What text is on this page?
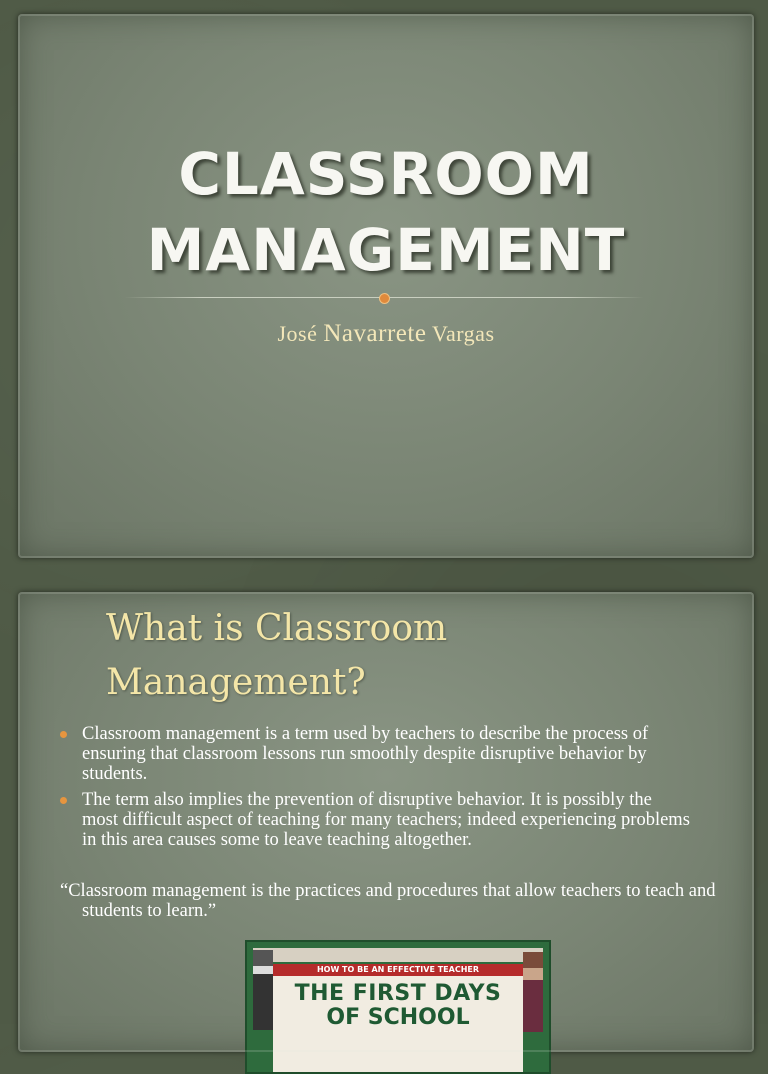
CLASSROOM
MANAGEMENT
José Navarrete Vargas
What is Classroom
Management?
Classroom management is a term used by teachers to describe the process of ensuring that classroom lessons run smoothly despite disruptive behavior by students.
The term also implies the prevention of disruptive behavior. It is possibly the most difficult aspect of teaching for many teachers; indeed experiencing problems in this area causes some to leave teaching altogether.
“Classroom management is the practices and procedures that allow teachers to teach and students to learn.”
HOW TO BE AN EFFECTIVE TEACHER
THE FIRST DAYS
OF SCHOOL
